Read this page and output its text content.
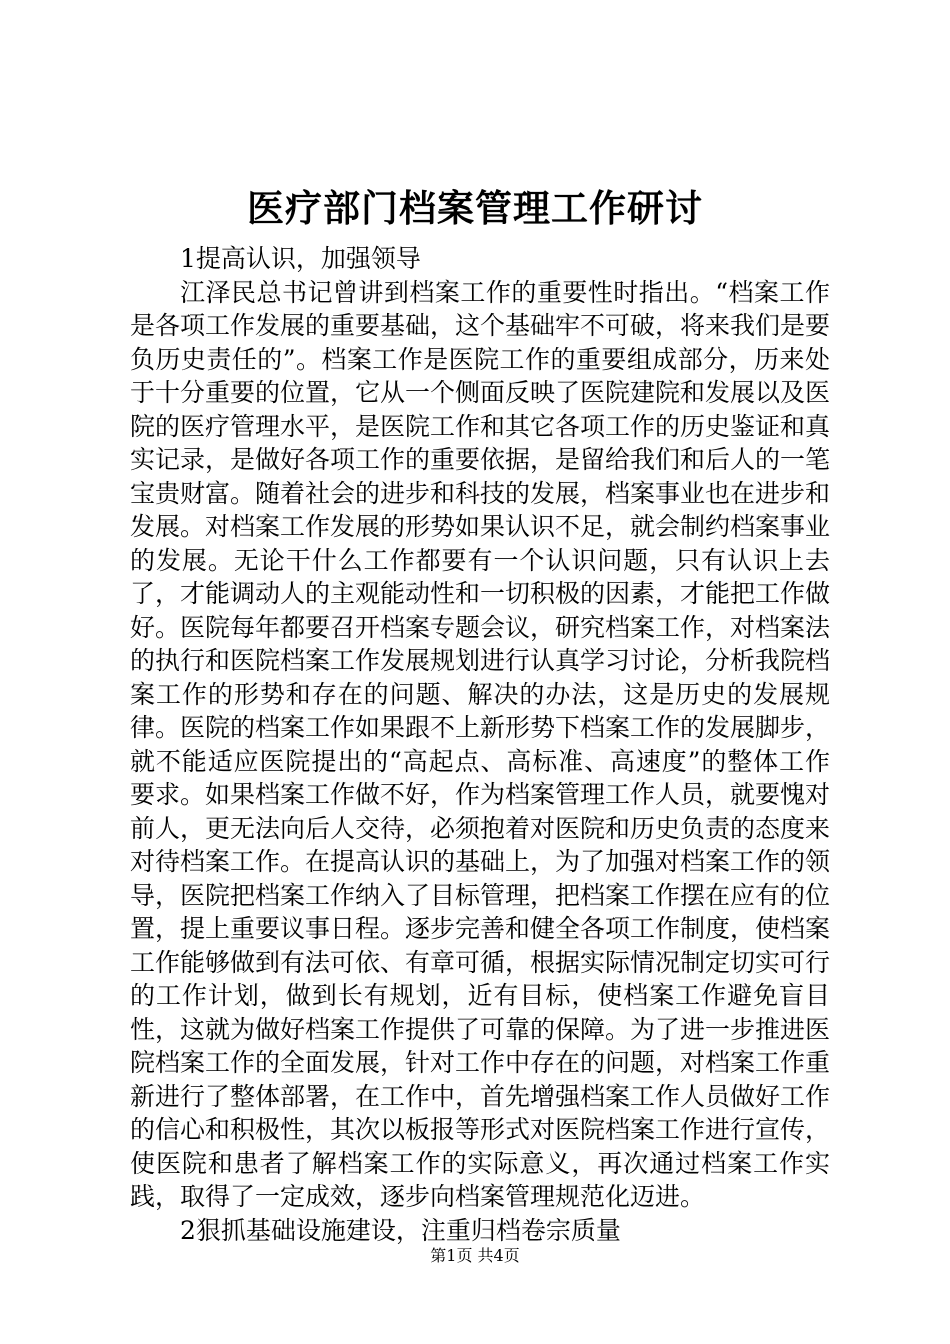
医疗部门档案管理工作研讨

1提高认识，加强领导

江泽民总书记曾讲到档案工作的重要性时指出。“档案工作是各项工作发展的重要基础，这个基础牢不可破，将来我们是要负历史责任的”。档案工作是医院工作的重要组成部分，历来处于十分重要的位置，它从一个侧面反映了医院建院和发展以及医院的医疗管理水平，是医院工作和其它各项工作的历史鉴证和真实记录，是做好各项工作的重要依据，是留给我们和后人的一笔宝贵财富。随着社会的进步和科技的发展，档案事业也在进步和发展。对档案工作发展的形势如果认识不足，就会制约档案事业的发展。无论干什么工作都要有一个认识问题，只有认识上去了，才能调动人的主观能动性和一切积极的因素，才能把工作做好。医院每年都要召开档案专题会议，研究档案工作，对档案法的执行和医院档案工作发展规划进行认真学习讨论，分析我院档案工作的形势和存在的问题、解决的办法，这是历史的发展规律。医院的档案工作如果跟不上新形势下档案工作的发展脚步，就不能适应医院提出的“高起点、高标准、高速度”的整体工作要求。如果档案工作做不好，作为档案管理工作人员，就要愧对前人，更无法向后人交待，必须抱着对医院和历史负责的态度来对待档案工作。在提高认识的基础上，为了加强对档案工作的领导，医院把档案工作纳入了目标管理，把档案工作摆在应有的位置，提上重要议事日程。逐步完善和健全各项工作制度，使档案工作能够做到有法可依、有章可循，根据实际情况制定切实可行的工作计划，做到长有规划，近有目标，使档案工作避免盲目性，这就为做好档案工作提供了可靠的保障。为了进一步推进医院档案工作的全面发展，针对工作中存在的问题，对档案工作重新进行了整体部署，在工作中，首先增强档案工作人员做好工作的信心和积极性，其次以板报等形式对医院档案工作进行宣传，使医院和患者了解档案工作的实际意义，再次通过档案工作实践，取得了一定成效，逐步向档案管理规范化迈进。

2狠抓基础设施建设，注重归档卷宗质量

第1页 共4页
